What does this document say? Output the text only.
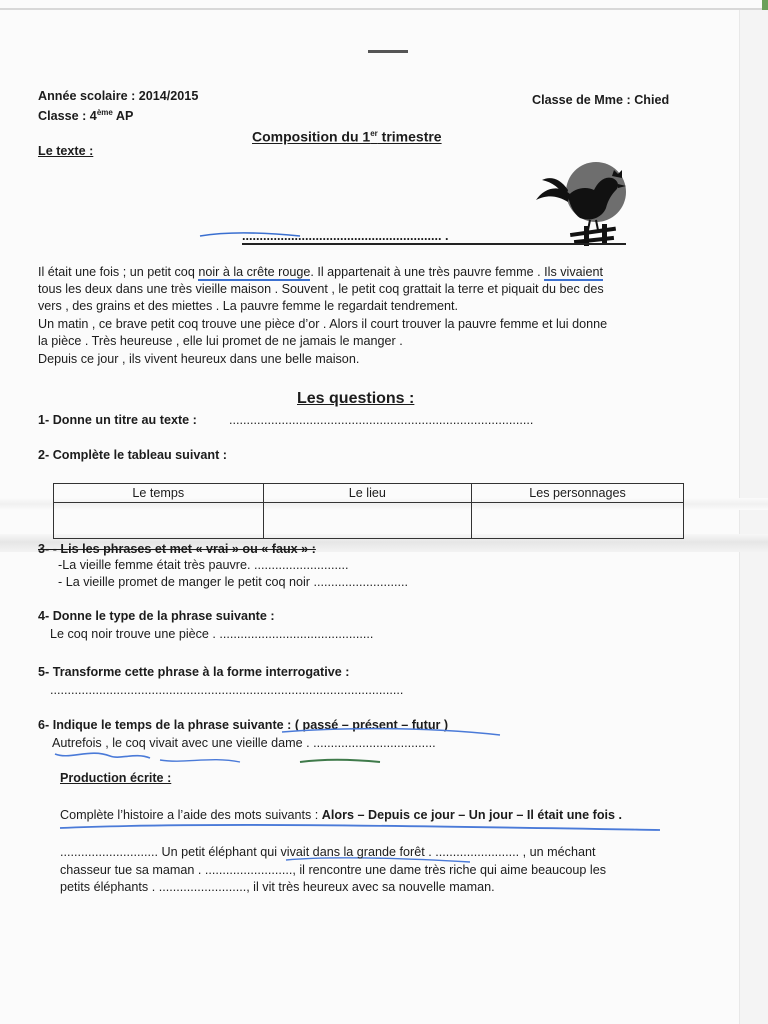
Année scolaire : 2014/2015
Classe : 4ème AP
Classe de Mme : Chied
Composition du 1er trimestre
Le texte :
......................................................... .
Il était une fois ; un petit coq noir à la crête rouge. Il appartenait à une très pauvre femme . Ils vivaient
tous les deux dans une très vieille maison . Souvent , le petit coq grattait la terre et piquait du bec des
vers , des grains et des miettes . La pauvre femme le regardait tendrement.
Un matin , ce brave petit coq trouve une pièce d’or . Alors il court trouver la pauvre femme et lui donne
la pièce . Très heureuse , elle lui promet de ne jamais le manger .
Depuis ce jour , ils vivent heureux dans une belle maison.
Les questions :
1- Donne un titre au texte :	.......................................................................................
2- Complète le tableau suivant :
Le temps	Le lieu	Les personnages

3- - Lis les phrases et met « vrai » ou « faux » :
-La vieille femme était très pauvre. ...........................
- La vieille promet de manger le petit coq noir ...........................
4- Donne le type de la phrase suivante :
Le coq noir trouve une pièce . ............................................
5- Transforme cette phrase à la forme interrogative :
.....................................................................................................
6- Indique le temps de la phrase suivante : ( passé – présent – futur )
Autrefois , le coq vivait avec une vieille dame . ...................................
Production écrite :
Complète l’histoire a l’aide des mots suivants : Alors – Depuis ce jour – Un jour – Il était une fois .
............................ Un petit éléphant qui vivait dans la grande forêt . ........................ , un méchant
chasseur tue sa maman . ........................., il rencontre une dame très riche qui aime beaucoup les
petits éléphants . ........................., il vit très heureux avec sa nouvelle maman.
